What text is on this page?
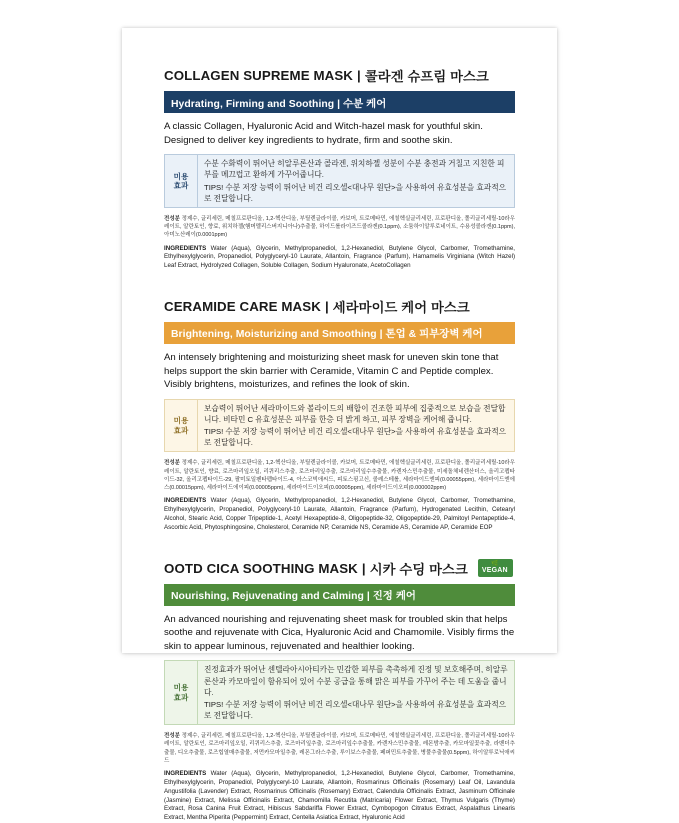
COLLAGEN SUPREME MASK | 콜라겐 슈프림 마스크
Hydrating, Firming and Soothing | 수분 케어
A classic Collagen, Hyaluronic Acid and Witch-hazel mask for youthful skin. Designed to deliver key ingredients to hydrate, firm and soothe skin.
미용
효과
수분 수화력이 뛰어난 히알루론산과 콜라겐, 위치하젤 성분이 수분 충전과 거칠고 지친한 피부를 메끄럽고 환하게 가꾸어줍니다.
TIPS! 수분 저장 능력이 뛰어난 비건 리오셀<대나무 원단>을 사용하여 유효성분을 효과적으로 전달합니다.
전성분 정제수, 글리세린, 메칠프로판디올, 1,2-헥산디올, 부틸렌글라이콜, 카보머, 트로메타민, 에칠헥실글리세린, 프로판디올, 폴리글리세릴-10라우레이트, 알란토인, 향료, 위치하젤(햄머멜리스버지니아나)추출물, 하이드롤라이즈드콜라겐(0.1ppm), 소듐하이알루로네이트, 수용성콜라겐(0.1ppm), 아미노산레이(0.0001ppm)
INGREDIENTS Water (Aqua), Glycerin, Methylpropanediol, 1,2-Hexanediol, Butylene Glycol, Carbomer, Tromethamine, Ethylhexylglycerin, Propanediol, Polyglyceryl-10 Laurate, Allantoin, Fragrance (Parfum), Hamamelis Virginiana (Witch Hazel) Leaf Extract, Hydrolyzed Collagen, Soluble Collagen, Sodium Hyaluronate, AcetoCollagen
CERAMIDE CARE MASK | 세라마이드 케어 마스크
Brightening, Moisturizing and Smoothing | 톤업 & 피부장벽 케어
An intensely brightening and moisturizing sheet mask for uneven skin tone that helps support the skin barrier with Ceramide, Vitamin C and Peptide complex. Visibly brightens, moisturizes, and refines the look of skin.
미용
효과
보습력이 뛰어난 세라마이드와 볼라이드의 배합이 건조한 피부에 집중적으로 보습을 전달합니다. 비타민 C 유효성분은 피부를 한층 더 밝게 하고, 피부 장벽을 케어해 줍니다.
TIPS! 수분 저장 능력이 뛰어난 비건 리오셀<대나무 원단>을 사용하여 유효성분을 효과적으로 전달합니다.
전성분 정제수, 글리세린, 메칠프로판디올, 1,2-헥산디올, 부틸렌글라이콜, 카보머, 트로메타민, 에칠헥실글리세린, 프로판디올, 폴리글리세릴-10라우레이트, 알란토인, 향료, 로즈마리잎오일, 리퀴리스추출, 로즈마리잎추출, 로즈마리잎수추출물, 카렌자스민추출물, 미세돌체네렌산더스, 올리고펩타이드-32, 올리고펩타이드-29, 팔미토일펜타펩타이드-4, 아스코빅애씨드, 피토스핑고신, 콜레스테롤, 세라마이드엔피(0.00055ppm), 세라마이드엔에스(0.00015ppm), 세라마이드에이피(0.00005ppm), 세라마이드이오피(0.00005ppm), 세라마이드이오피(0.000002ppm)
INGREDIENTS Water (Aqua), Glycerin, Methylpropanediol, 1,2-Hexanediol, Butylene Glycol, Carbomer, Tromethamine, Ethylhexylglycerin, Propanediol, Polyglyceryl-10 Laurate, Allantoin, Fragrance (Parfum), Hydrogenated Lecithin, Cetearyl Alcohol, Stearic Acid, Copper Tripeptide-1, Acetyl Hexapeptide-8, Oligopeptide-32, Oligopeptide-29, Palmitoyl Pentapeptide-4, Ascorbic Acid, Phytosphingosine, Cholesterol, Ceramide NP, Ceramide NS, Ceramide AS, Ceramide AP, Ceramide EOP
OOTD CICA SOOTHING MASK | 시카 수딩 마스크	🌿
VEGAN
Nourishing, Rejuvenating and Calming | 진정 케어
An advanced nourishing and rejuvenating sheet mask for troubled skin that helps soothe and rejuvenate with Cica, Hyaluronic Acid and Chamomile. Visibly firms the skin to appear luminous, rejuvenated and healthier looking.
미용
효과
진정효과가 뛰어난 센텔라아시아티카는 민감한 피부를 촉촉하게 진정 및 보호해주며, 히알루론산과 카모마일이 함유되어 있어 수분 공급을 통해 맑은 피부를 가꾸어 주는 데 도움을 줍니다.
TIPS! 수분 저장 능력이 뛰어난 비건 리오셀<대나무 원단>을 사용하여 유효성분을 효과적으로 전달합니다.
전성분 정제수, 글리세린, 메칠프로판디올, 1,2-헥산디올, 부틸렌글라이콜, 카보머, 트로메타민, 에칠헥실글리세린, 프로판디올, 폴리글리세릴-10라우레이트, 알란토인, 로즈마리잎오일, 리퀴리스추출, 로즈마리잎추출, 로즈마리잎수추출물, 카렌자스민추출물, 레몬밤추출, 카모마일꽃추출, 라벤더추출물, 디오추출물, 로즈힙열매추출물, 저먼카모마일추출, 레몬그라스추출, 루이보스추출물, 페퍼민트추출물, 병풀추출물(0.5ppm), 하이알루로닉애씨드
INGREDIENTS Water (Aqua), Glycerin, Methylpropanediol, 1,2-Hexanediol, Butylene Glycol, Carbomer, Tromethamine, Ethylhexylglycerin, Propanediol, Polyglyceryl-10 Laurate, Allantoin, Rosmarinus Officinalis (Rosemary) Leaf Oil, Lavandula Angustifolia (Lavender) Extract, Rosmarinus Officinalis (Rosemary) Extract, Calendula Officinalis Extract, Jasminum Officinale (Jasmine) Extract, Melissa Officinalis Extract, Chamomilla Recutita (Matricaria) Flower Extract, Thymus Vulgaris (Thyme) Extract, Rosa Canina Fruit Extract, Hibiscus Sabdariffa Flower Extract, Cymbopogon Citratus Extract, Aspalathus Linearis Extract, Mentha Piperita (Peppermint) Extract, Centella Asiatica Extract, Hyaluronic Acid
